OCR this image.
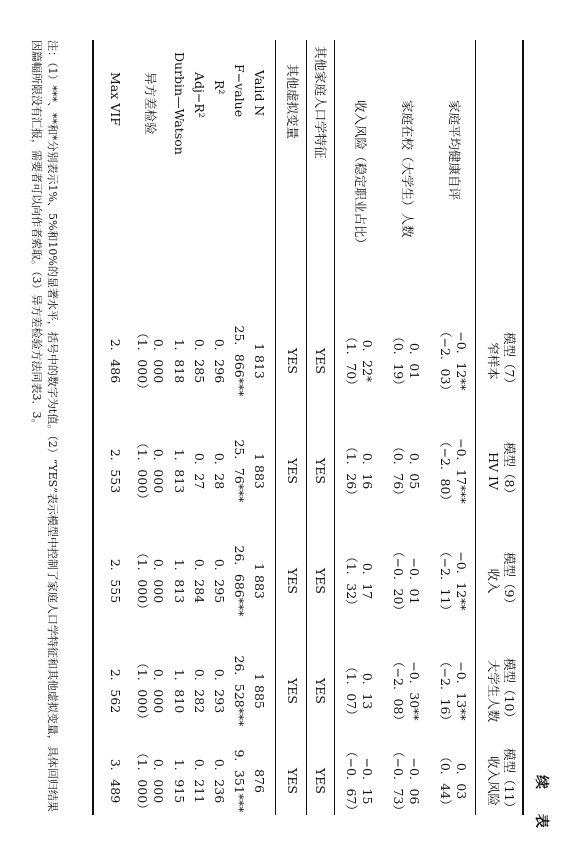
续 表
模型（7）
窄样本
模型（8）
HV IV
模型（9）
收入
模型（10）
大学生人数
模型（11）
收入风险
家庭平均健康自评
−0．12**
−0．17***
−0．12**
−0．13**
0．03
（−2．03）
（−2．80）
（−2．11）
（−2．16）
（0．44）
家庭在校（大学生）人数
0．01
0．05
−0．01
−0．30**
−0．06
（0．19）
（0．76）
（−0．20）
（−2．08）
（−0．73）
收入风险（稳定职业占比）
0．22*
0．16
0．17
0．13
−0．15
（1．70）
（1．26）
（1．32）
（1．07）
（−0．67）
其他家庭人口学特征
YES
YES
YES
YES
YES
其他虚拟变量
YES
YES
YES
YES
YES
Valid N
1 813
1 883
1 883
1 885
876
F−value
25．866***
25．76***
26．686***
26．528***
9．351***
R²
0．296
0．28
0．295
0．293
0．236
Adj−R²
0．285
0．27
0．284
0．282
0．211
Durbin—Watson
1．818
1．813
1．813
1．810
1．915
异方差检验
0．000
0．000
0．000
0．000
0．000
（1．000）
（1．000）
（1．000）
（1．000）
（1．000）
Max VIF
2．486
2．553
2．555
2．562
3．489
注：（1）***、**和*分别表示1%、5%和10%的显著水平，括号中的数字为t值。（2）“YES”表示模型中控制了家庭人口学特征和其他虚拟变量，具体回归结果因篇幅所限没有汇报，需要者可以向作者索取。（3）异方差检验方法同表3．3。
